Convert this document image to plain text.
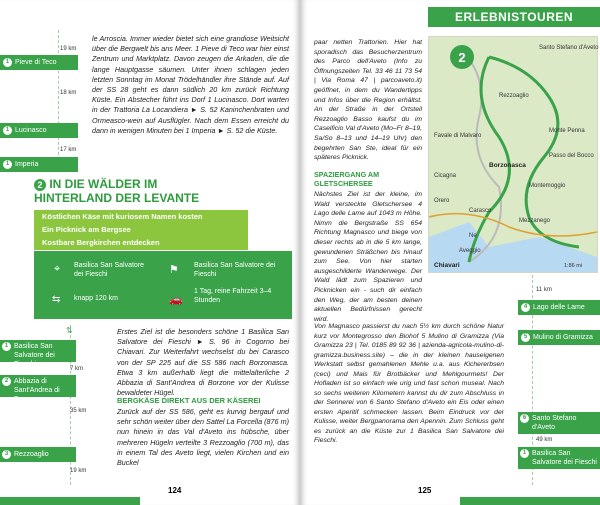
19 km
1 Pieve di Teco
18 km
1 Lucinasco
17 km
1 Imperia
le Arroscia. Immer wieder bietet sich eine grandiose Weitsicht über die Bergwelt bis ans Meer. 1 Pieve di Teco war hier einst Zentrum und Marktplatz. Davon zeugen die Arkaden, die die lange Hauptgasse säumen. Unter ihnen schlagen jeden letzten Sonntag im Monat Trödelhändler ihre Stände auf. Auf der SS 28 geht es dann südlich 20 km zurück Richtung Küste. Ein Abstecher führt ins Dorf 1 Lucinasco. Dort warten in der Trattoria La Locandiera ► S. 52 Kaninchenbraten und Ormeasco-wein auf Ausflügler. Nach dem Essen erreicht du dann in wenigen Minuten bei 1 Imperia ► S. 52 die Küste.
2 IN DIE WÄLDER IM
HINTERLAND DER LEVANTE
Köstlichen Käse mit kuriosem Namen kosten
Ein Picknick am Bergsee
Kostbare Bergkirchen entdecken
⌖ Basilica San Salvatore dei Fieschi	⚑ Basilica San Salvatore dei Fieschi
⇆ knapp 120 km	🚗
1 Tag, reine Fahrzeit 3–4 Stunden
⇅
1 Basilica San Salvatore dei Fieschi
7 km
2 Abbazia di Sant'Andrea di Borzone
35 km
3 Rezzoaglio
19 km
Erstes Ziel ist die besonders schöne 1 Basilica San Salvatore dei Fieschi ► S. 96 in Cogorno bei Chiavari. Zur Weiterfahrt wechselst du bei Carasco von der SP 225 auf die SS 586 nach Borzonasca. Etwa 3 km außerhalb liegt die mittelalterliche 2 Abbazia di Sant'Andrea di Borzone vor der Kulisse bewaldeter Hügel.
BERGKÄSE DIREKT AUS DER KÄSEREI
Zurück auf der SS 586, geht es kurvig bergauf und sehr schön weiter über den Sattel La Forcella (876 m) nun hinein in das Val d'Aveto ins hübsche, über mehreren Hügeln verteilte 3 Rezzoaglio (700 m), das in einem Tal des Aveto liegt, vielen Kirchen und ein Buckel
124
ERLEBNISTOUREN
paar netten Trattorien. Hier hat sporadisch das Besucherzentrum des Parco dell'Aveto (Info zu Öffnungszeiten Tel. 33 46 11 73 54 | Via Roma 47 | parcoaveto.it) geöffnet, in dem du Wandertipps und Infos über die Region erhältst. An der Straße in der Ortsteil Rezzoaglio Basso kaufst du im Caseificio Val d'Aveto (Mo–Fr 8–19, Sa/So 8–13 und 14–19 Uhr) den begehrten San Ste, ideal für ein späteres Picknick.
SPAZIERGANG AM GLETSCHERSEE
Nächstes Ziel ist der kleine, im Wald versteckte Gletschersee 4 Lago delle Lame auf 1043 m Höhe. Nimm die Bergstraße SS 654 Richtung Magnasco und biege von dieser rechts ab in die 5 km lange, gewundenen Sträßchen bis hinauf zum See. Von hier starten ausgeschilderte Wanderwege. Der Wald lädt zum Spazieren und Picknicken ein - such dir einfach den Weg, der am besten deinen aktuellen Bedürfnissen gerecht wird.
2
Santo Stefano d'Aveto
Rezzoaglio
Borzonasca
Montemoggio
Ne
Chiavari
Cicagna
Carasco
Monte Penna
Favale di Malvaro
Mezzanego
Orero
Passo del Bocco
Aveggio
1:86 mi
Von Magnasco passierst du nach 5½ km durch schöne Natur kurz vor Montegrosso den Biohof 5 Mulino di Gramizza (Via Gramizza 23 | Tel. 0185 89 92 36 | azienda-agricola-mulino-di-gramizza.business.site) – die in der kleinen hauseigenen Werkstatt selbst gemahlenen Mehle u.a. aus Kichererbsen (ceci) und Mais für Brotbäcker und Mehlgourmets! Der Hofladen ist so einfach wie urig und fast schon museal. Nach so sechs weiteren Kilometern kannst du dir zum Abschluss in der Sennerei von 6 Santo Stefano d'Aveto ein Eis oder einen ersten Aperitif schmecken lassen. Beim Eindruck vor der Kulisse, weiter Bergpanorama den Apennin. Zum Schluss geht es zurück an die Küste zur 1 Basilica San Salvatore dei Fieschi.
11 km
4 Lago delle Lame
5 Mulino di Gramizza
6 Santo Stefano d'Aveto
49 km
1 Basilica San Salvatore dei Fieschi
125
